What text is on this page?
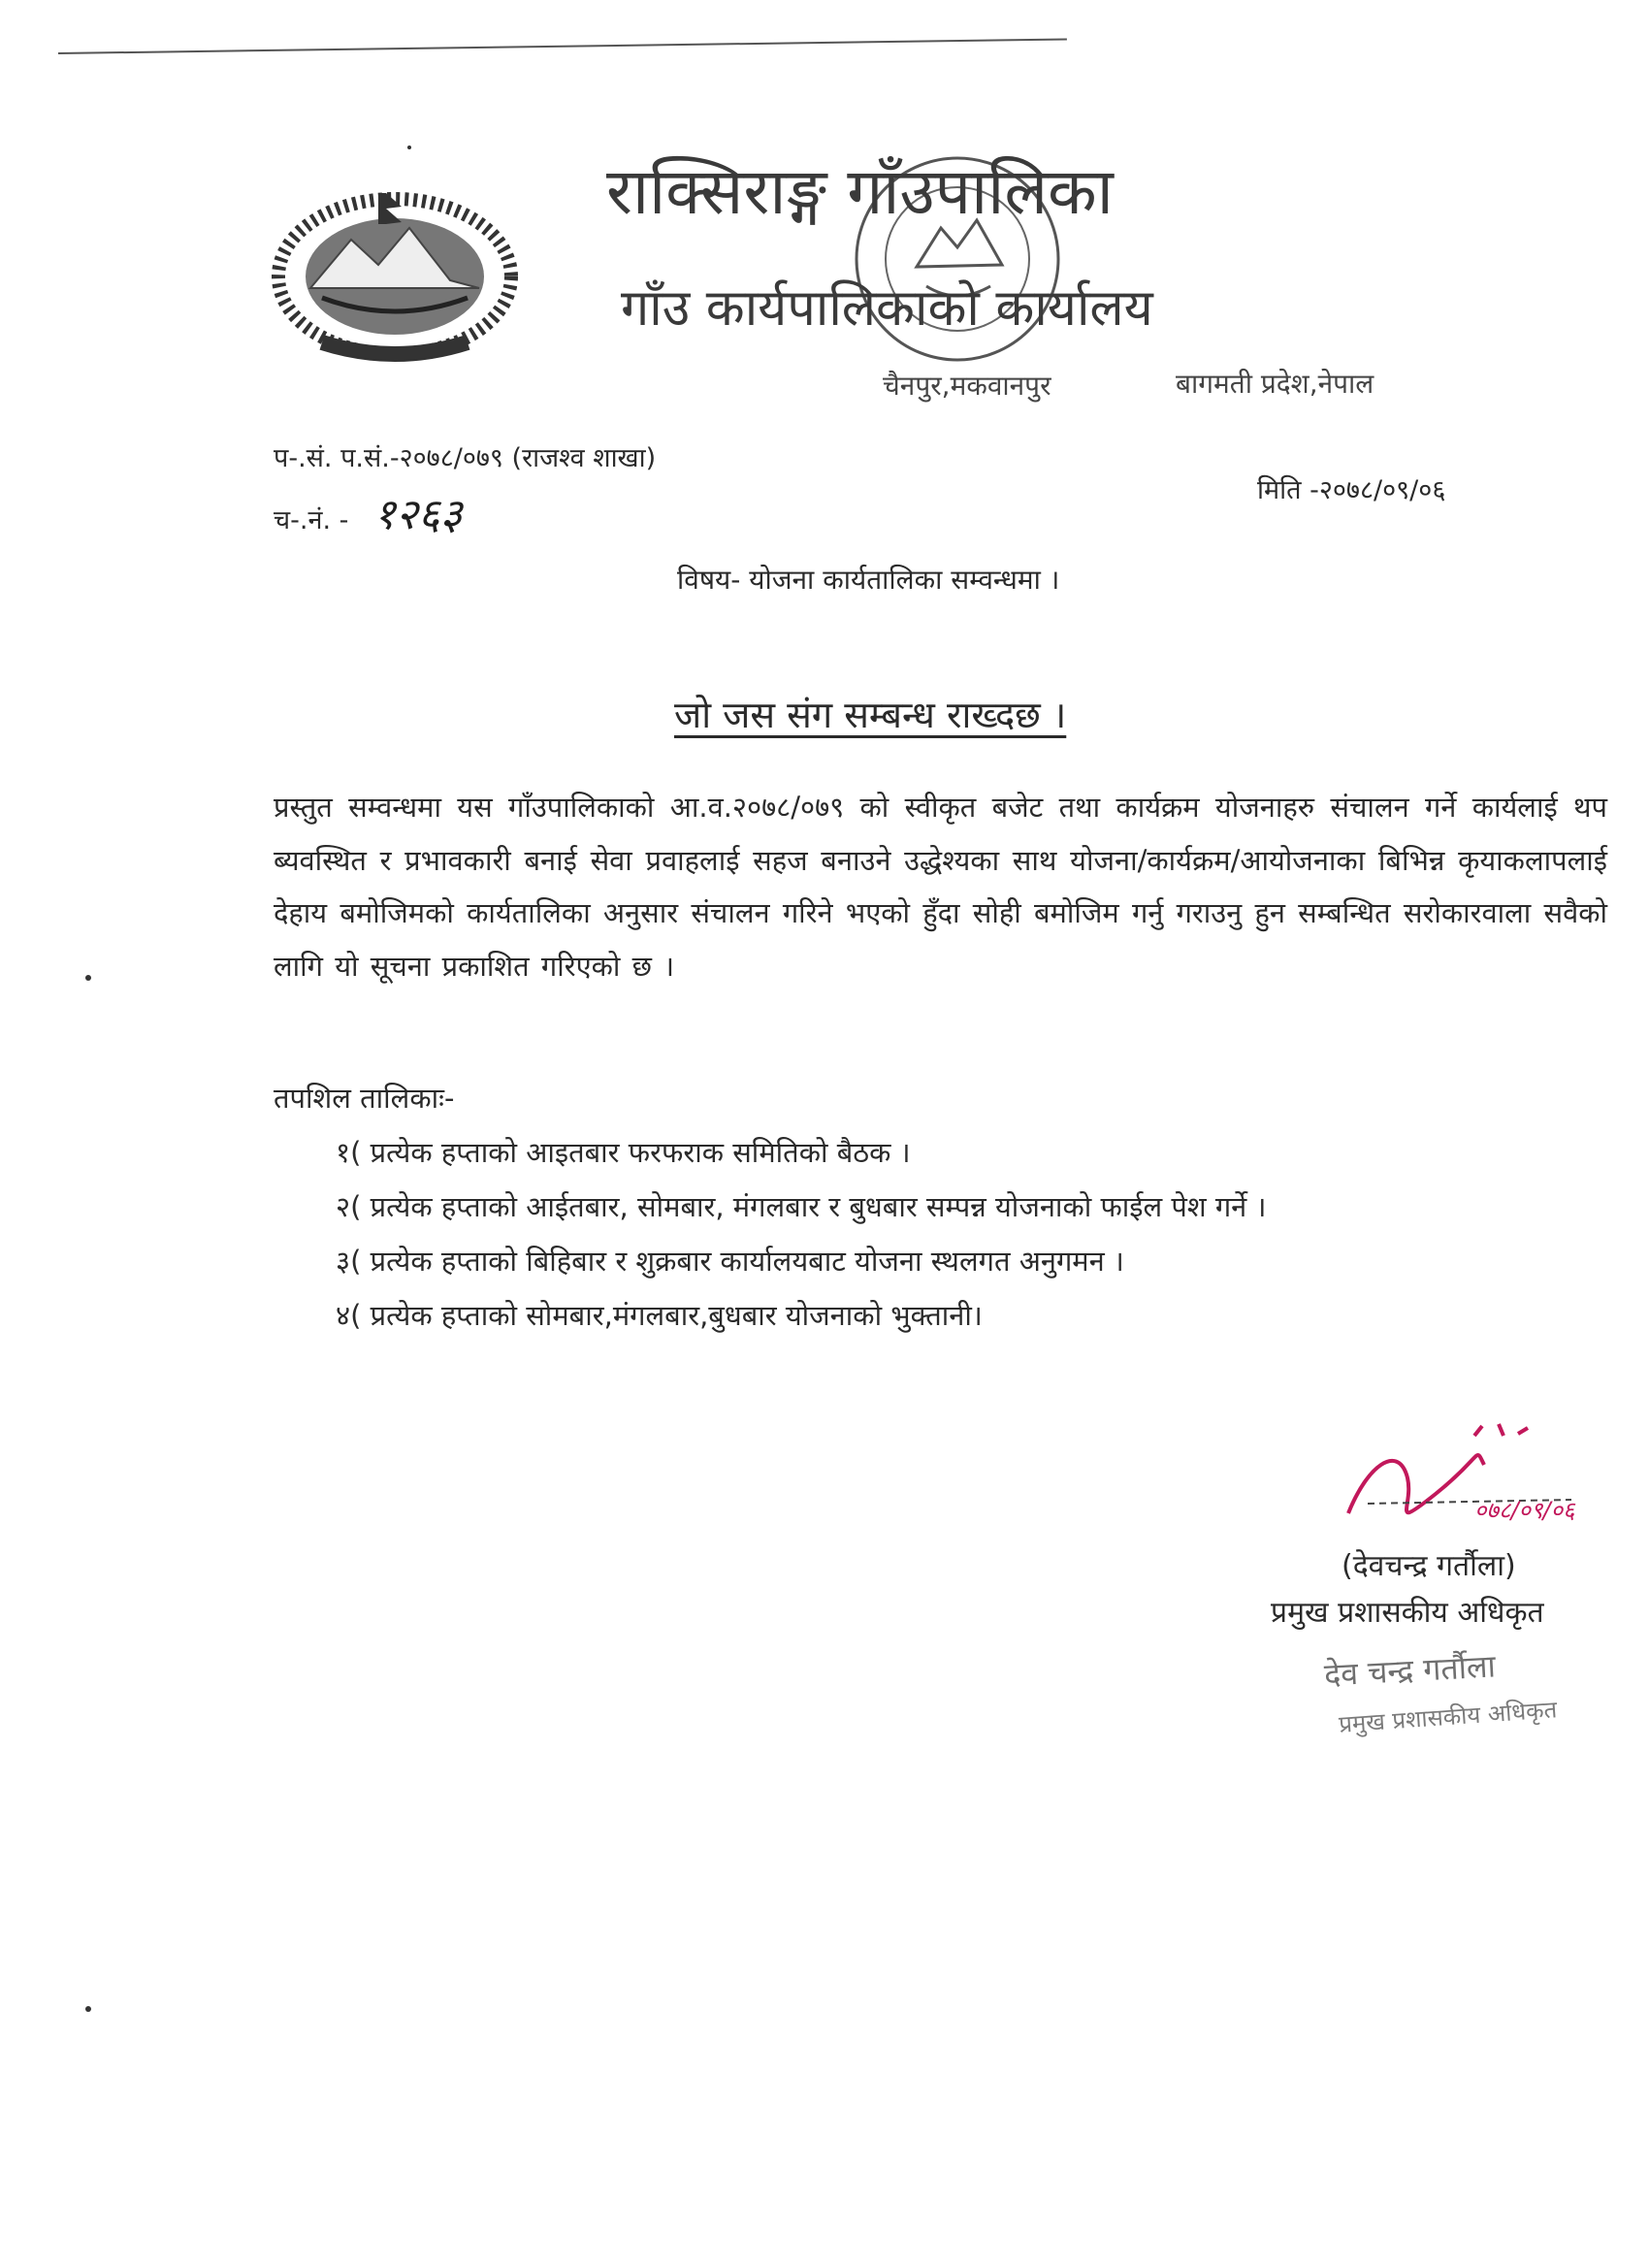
राक्सिराङ्ग गाँउपालिका
गाँउ कार्यपालिकाको कार्यालय
चैनपुर,मकवानपुर	बागमती प्रदेश,नेपाल
प-.सं. प.सं.-२०७८/०७९ (राजश्व शाखा)
च-.नं. - १२६३	मिति -२०७८/०९/०६
विषय- योजना कार्यतालिका सम्वन्धमा ।
जो जस संग सम्बन्ध राख्दछ ।
प्रस्तुत सम्वन्धमा यस गाँउपालिकाको आ.व.२०७८/०७९ को स्वीकृत बजेट तथा कार्यक्रम योजनाहरु संचालन गर्ने कार्यलाई थप ब्यवस्थित र प्रभावकारी बनाई सेवा प्रवाहलाई सहज बनाउने उद्धेश्यका साथ योजना/कार्यक्रम/आयोजनाका बिभिन्न कृयाकलापलाई देहाय बमोजिमको कार्यतालिका अनुसार संचालन गरिने भएको हुँदा सोही बमोजिम गर्नु गराउनु हुन सम्बन्धित सरोकारवाला सवैको लागि यो सूचना प्रकाशित गरिएको छ ।
तपशिल तालिकाः-
१( प्रत्येक हप्ताको आइतबार फरफराक समितिको बैठक ।
२( प्रत्येक हप्ताको आईतबार, सोमबार, मंगलबार र बुधबार सम्पन्न योजनाको फाईल पेश गर्ने ।
३( प्रत्येक हप्ताको बिहिबार र शुक्रबार कार्यालयबाट योजना स्थलगत अनुगमन ।
४( प्रत्येक हप्ताको सोमबार,मंगलबार,बुधबार योजनाको भुक्तानी।
०७८/०९/०६
(देवचन्द्र गर्तौला)
प्रमुख प्रशासकीय अधिकृत
देव चन्द्र गर्तौला
प्रमुख प्रशासकीय अधिकृत
